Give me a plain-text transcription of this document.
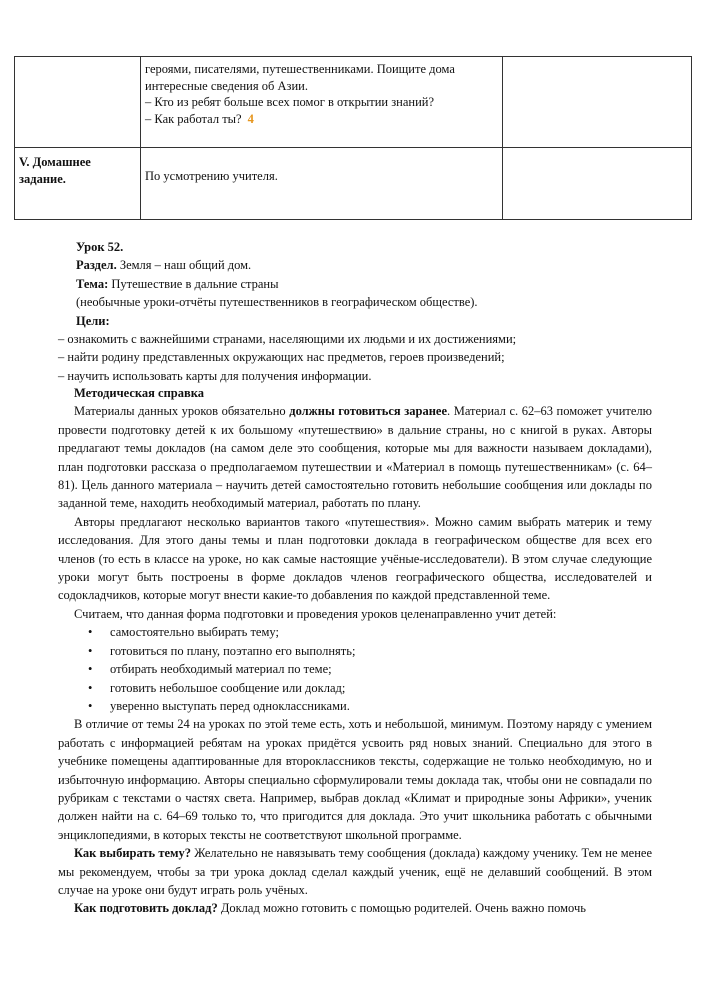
	героями, писателями, путешественниками. Поищите дома
интересные сведения об Азии.
– Кто из ребят больше всех помог в открытии знаний?
– Как работал ты? 4	

V. Домашнее задание.	По усмотрению учителя.	
Урок 52.
Раздел. Земля – наш общий дом.
Тема: Путешествие в дальние страны
(необычные уроки-отчёты путешественников в географическом обществе).
Цели:
– ознакомить с важнейшими странами, населяющими их людьми и их достижениями;
– найти родину представленных окружающих нас предметов, героев произведений;
– научить использовать карты для получения информации.

Методическая справка

Материалы данных уроков обязательно должны готовиться заранее. Материал с. 62–63 поможет учителю провести подготовку детей к их большому «путешествию» в дальние страны, но с книгой в руках. Авторы предлагают темы докладов (на самом деле это сообщения, которые мы для важности называем докладами), план подготовки рассказа о предполагаемом путешествии и «Материал в помощь путешественникам» (с. 64–81). Цель данного материала – научить детей самостоятельно готовить небольшие сообщения или доклады по заданной теме, находить необходимый материал, работать по плану.

Авторы предлагают несколько вариантов такого «путешествия». Можно самим выбрать материк и тему исследования. Для этого даны темы и план подготовки доклада в географическом обществе для всех его членов (то есть в классе на уроке, но как самые настоящие учёные-исследователи). В этом случае следующие уроки могут быть построены в форме докладов членов географического общества, исследователей и содокладчиков, которые могут внести какие-то добавления по каждой представленной теме.

Считаем, что данная форма подготовки и проведения уроков целенаправленно учит детей:

• самостоятельно выбирать тему;
• готовиться по плану, поэтапно его выполнять;
• отбирать необходимый материал по теме;
• готовить небольшое сообщение или доклад;
• уверенно выступать перед одноклассниками.

В отличие от темы 24 на уроках по этой теме есть, хоть и небольшой, минимум. Поэтому наряду с умением работать с информацией ребятам на уроках придётся усвоить ряд новых знаний. Специально для этого в учебнике помещены адаптированные для второклассников тексты, содержащие не только необходимую, но и избыточную информацию. Авторы специально сформулировали темы доклада так, чтобы они не совпадали по рубрикам с текстами о частях света. Например, выбрав доклад «Климат и природные зоны Африки», ученик должен найти на с. 64–69 только то, что пригодится для доклада. Это учит школьника работать с обычными энциклопедиями, в которых тексты не соответствуют школьной программе.

Как выбирать тему? Желательно не навязывать тему сообщения (доклада) каждому ученику. Тем не менее мы рекомендуем, чтобы за три урока доклад сделал каждый ученик, ещё не делавший сообщений. В этом случае на уроке они будут играть роль учёных.

Как подготовить доклад? Доклад можно готовить с помощью родителей. Очень важно помочь
